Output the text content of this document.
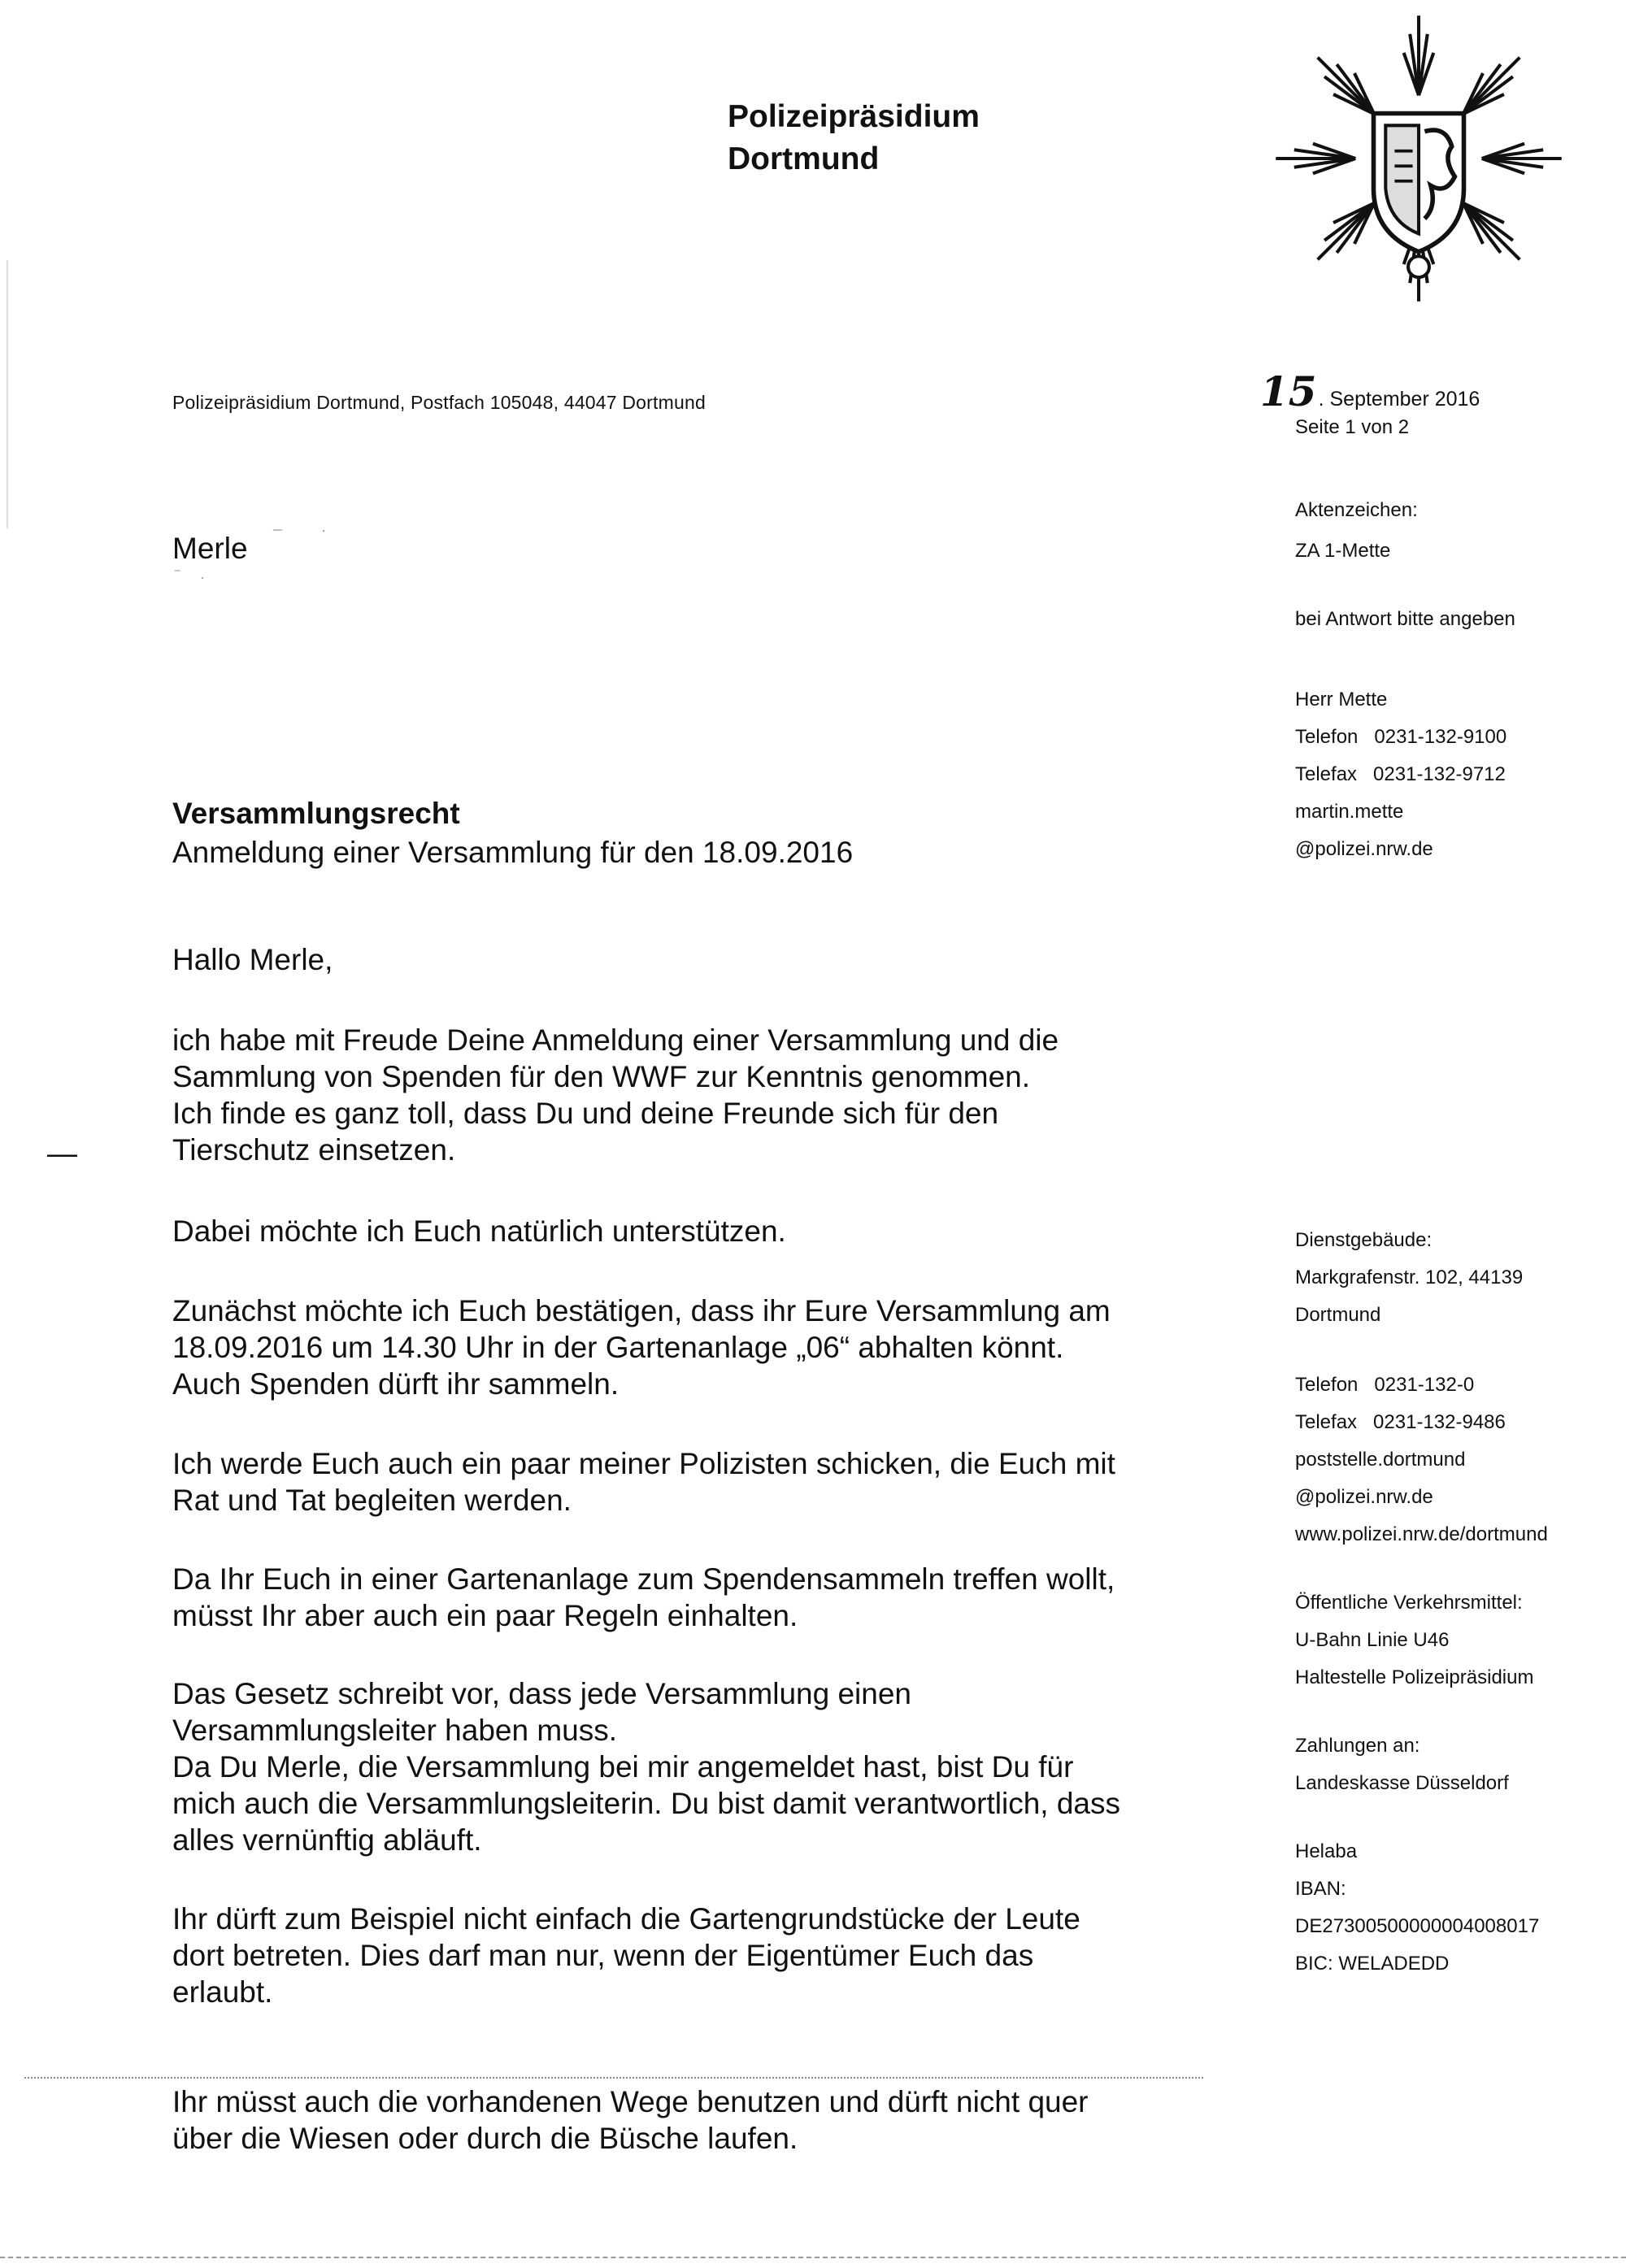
Polizeipräsidium
Dortmund
Polizeipräsidium Dortmund, Postfach 105048, 44047 Dortmund	15. September 2016
Seite 1 von 2
Merle ¯   ˙
‾ ·
Aktenzeichen:
ZA 1-Mette
bei Antwort bitte angeben
Herr Mette
Telefon   0231-132-9100
Telefax   0231-132-9712
martin.mette
@polizei.nrw.de
Versammlungsrecht
Anmeldung einer Versammlung für den 18.09.2016
Dienstgebäude:
Markgrafenstr. 102, 44139
Dortmund
Telefon   0231-132-0
Telefax   0231-132-9486
poststelle.dortmund
@polizei.nrw.de
www.polizei.nrw.de/dortmund
Öffentliche Verkehrsmittel:
U-Bahn Linie U46
Haltestelle Polizeipräsidium
Zahlungen an:
Landeskasse Düsseldorf
Helaba
IBAN:
DE27300500000004008017
BIC: WELADEDD
—
Hallo Merle,
ich habe mit Freude Deine Anmeldung einer Versammlung und die
Sammlung von Spenden für den WWF zur Kenntnis genommen.
Ich finde es ganz toll, dass Du und deine Freunde sich für den
Tierschutz einsetzen.
Dabei möchte ich Euch natürlich unterstützen.
Zunächst möchte ich Euch bestätigen, dass ihr Eure Versammlung am
18.09.2016 um 14.30 Uhr in der Gartenanlage „06“ abhalten könnt.
Auch Spenden dürft ihr sammeln.
Ich werde Euch auch ein paar meiner Polizisten schicken, die Euch mit
Rat und Tat begleiten werden.
Da Ihr Euch in einer Gartenanlage zum Spendensammeln treffen wollt,
müsst Ihr aber auch ein paar Regeln einhalten.
Das Gesetz schreibt vor, dass jede Versammlung einen
Versammlungsleiter haben muss.
Da Du Merle, die Versammlung bei mir angemeldet hast, bist Du für
mich auch die Versammlungsleiterin. Du bist damit verantwortlich, dass
alles vernünftig abläuft.
Ihr dürft zum Beispiel nicht einfach die Gartengrundstücke der Leute
dort betreten. Dies darf man nur, wenn der Eigentümer Euch das
erlaubt.
Ihr müsst auch die vorhandenen Wege benutzen und dürft nicht quer
über die Wiesen oder durch die Büsche laufen.
